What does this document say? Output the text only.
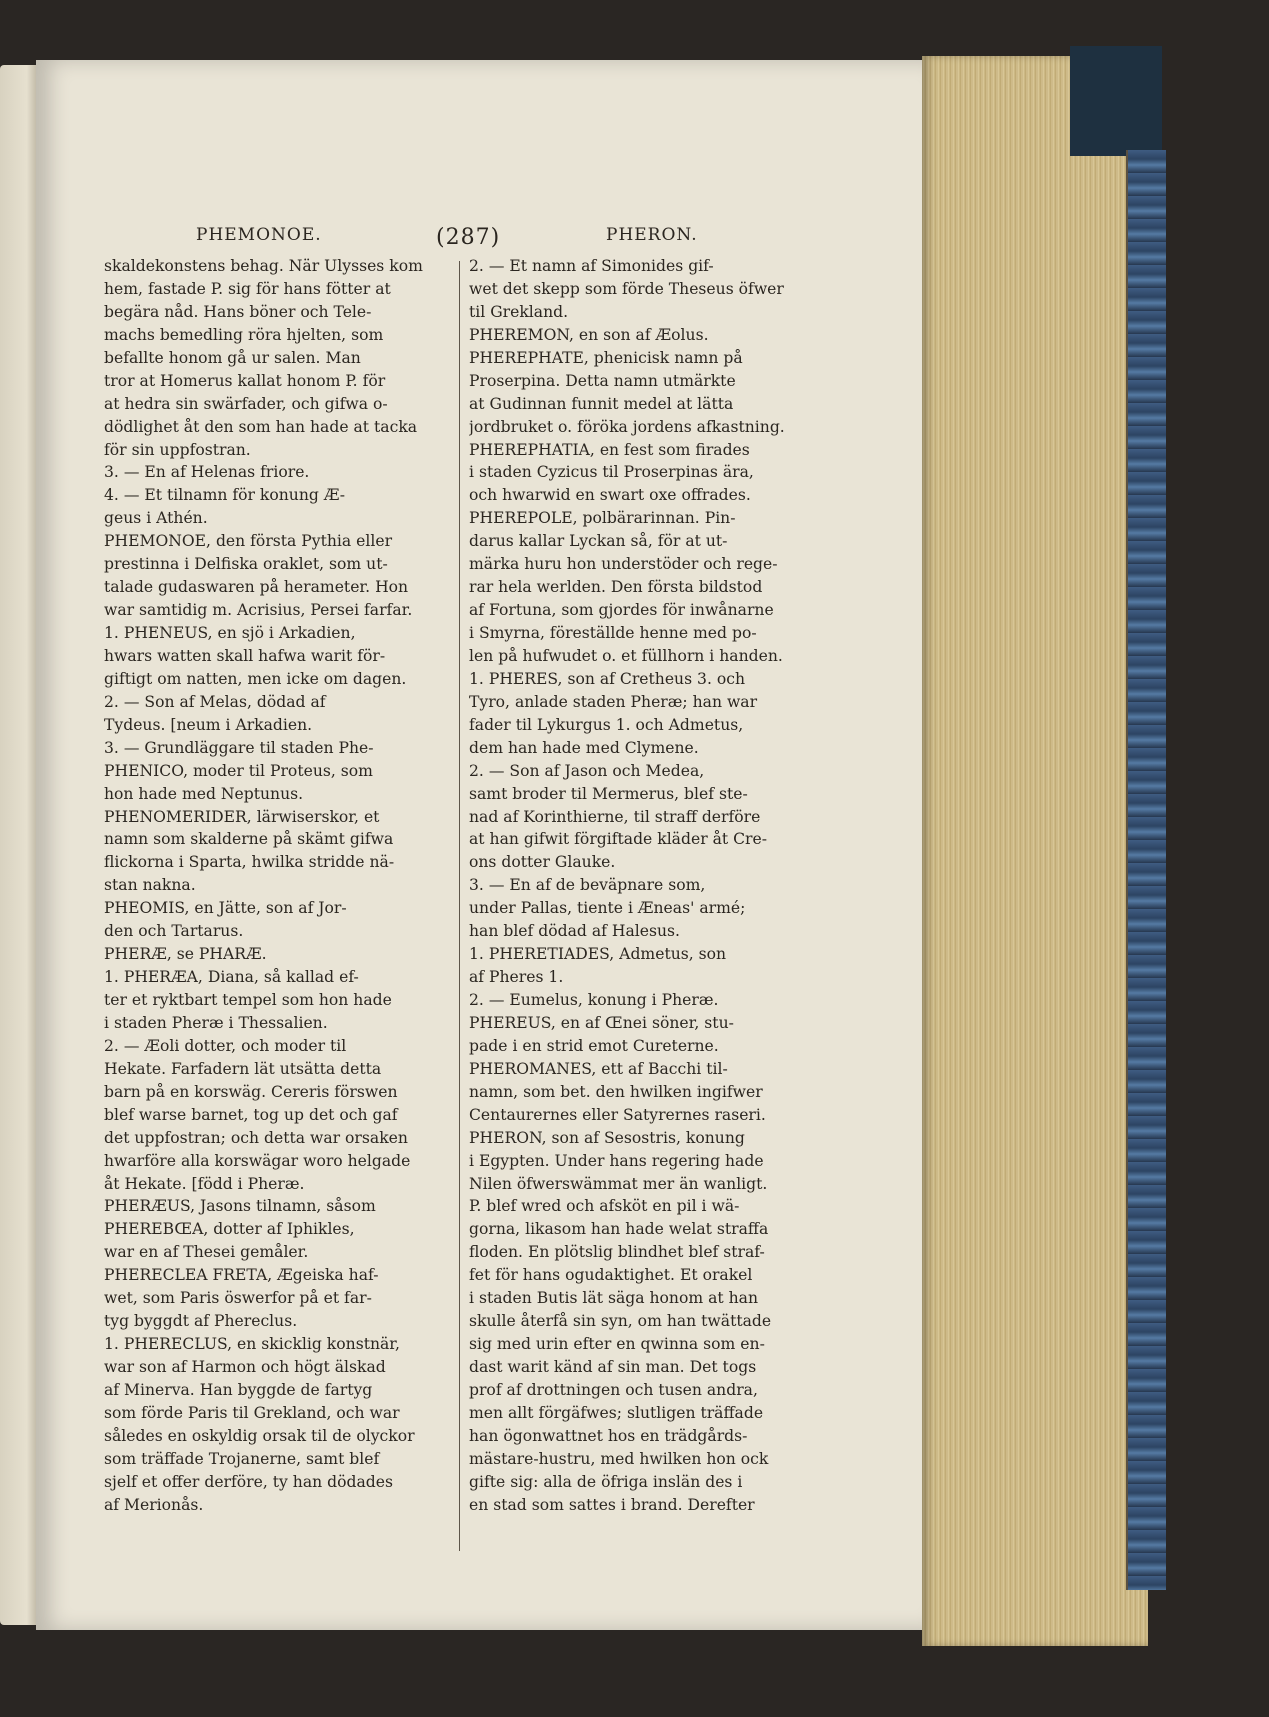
PHEMONOE.	(287)	PHERON.
skaldekonstens behag. När Ulysses kom
hem, fastade P. sig för hans fötter at
begära nåd. Hans böner och Tele-
machs bemedling röra hjelten, som
befallte honom gå ur salen. Man
tror at Homerus kallat honom P. för
at hedra sin swärfader, och gifwa o-
dödlighet åt den som han hade at tacka
för sin uppfostran.
3. — En af Helenas friore.
4. — Et tilnamn för konung Æ-
geus i Athén.
PHEMONOE, den första Pythia eller
prestinna i Delfiska oraklet, som ut-
talade gudaswaren på herameter. Hon
war samtidig m. Acrisius, Persei farfar.
1. PHENEUS, en sjö i Arkadien,
hwars watten skall hafwa warit för-
giftigt om natten, men icke om dagen.
2. — Son af Melas, dödad af
Tydeus. [neum i Arkadien.
3. — Grundläggare til staden Phe-
PHENICO, moder til Proteus, som
hon hade med Neptunus.
PHENOMERIDER, lärwiserskor, et
namn som skalderne på skämt gifwa
flickorna i Sparta, hwilka stridde nä-
stan nakna.
PHEOMIS, en Jätte, son af Jor-
den och Tartarus.
PHERÆ, se PHARÆ.
1. PHERÆA, Diana, så kallad ef-
ter et ryktbart tempel som hon hade
i staden Pheræ i Thessalien.
2. — Æoli dotter, och moder til
Hekate. Farfadern lät utsätta detta
barn på en korswäg. Cereris förswen
blef warse barnet, tog up det och gaf
det uppfostran; och detta war orsaken
hwarföre alla korswägar woro helgade
åt Hekate. [född i Pheræ.
PHERÆUS, Jasons tilnamn, såsom
PHEREBŒA, dotter af Iphikles,
war en af Thesei gemåler.
PHERECLEA FRETA, Ægeiska haf-
wet, som Paris öswerfor på et far-
tyg byggdt af Phereclus.
1. PHERECLUS, en skicklig konstnär,
war son af Harmon och högt älskad
af Minerva. Han byggde de fartyg
som förde Paris til Grekland, och war
således en oskyldig orsak til de olyckor
som träffade Trojanerne, samt blef
sjelf et offer derföre, ty han dödades
af Merionås.
2. — Et namn af Simonides gif-
wet det skepp som förde Theseus öfwer
til Grekland.
PHEREMON, en son af Æolus.
PHEREPHATE, phenicisk namn på
Proserpina. Detta namn utmärkte
at Gudinnan funnit medel at lätta
jordbruket o. föröka jordens afkastning.
PHEREPHATIA, en fest som firades
i staden Cyzicus til Proserpinas ära,
och hwarwid en swart oxe offrades.
PHEREPOLE, polbärarinnan. Pin-
darus kallar Lyckan så, för at ut-
märka huru hon understöder och rege-
rar hela werlden. Den första bildstod
af Fortuna, som gjordes för inwånarne
i Smyrna, föreställde henne med po-
len på hufwudet o. et füllhorn i handen.
1. PHERES, son af Cretheus 3. och
Tyro, anlade staden Pheræ; han war
fader til Lykurgus 1. och Admetus,
dem han hade med Clymene.
2. — Son af Jason och Medea,
samt broder til Mermerus, blef ste-
nad af Korinthierne, til straff derföre
at han gifwit förgiftade kläder åt Cre-
ons dotter Glauke.
3. — En af de beväpnare som,
under Pallas, tiente i Æneas' armé;
han blef dödad af Halesus.
1. PHERETIADES, Admetus, son
af Pheres 1.
2. — Eumelus, konung i Pheræ.
PHEREUS, en af Œnei söner, stu-
pade i en strid emot Cureterne.
PHEROMANES, ett af Bacchi til-
namn, som bet. den hwilken ingifwer
Centaurernes eller Satyrernes raseri.
PHERON, son af Sesostris, konung
i Egypten. Under hans regering hade
Nilen öfwerswämmat mer än wanligt.
P. blef wred och afsköt en pil i wä-
gorna, likasom han hade welat straffa
floden. En plötslig blindhet blef straf-
fet för hans ogudaktighet. Et orakel
i staden Butis lät säga honom at han
skulle återfå sin syn, om han twättade
sig med urin efter en qwinna som en-
dast warit känd af sin man. Det togs
prof af drottningen och tusen andra,
men allt förgäfwes; slutligen träffade
han ögonwattnet hos en trädgårds-
mästare-hustru, med hwilken hon ock
gifte sig: alla de öfriga inslän des i
en stad som sattes i brand. Derefter
